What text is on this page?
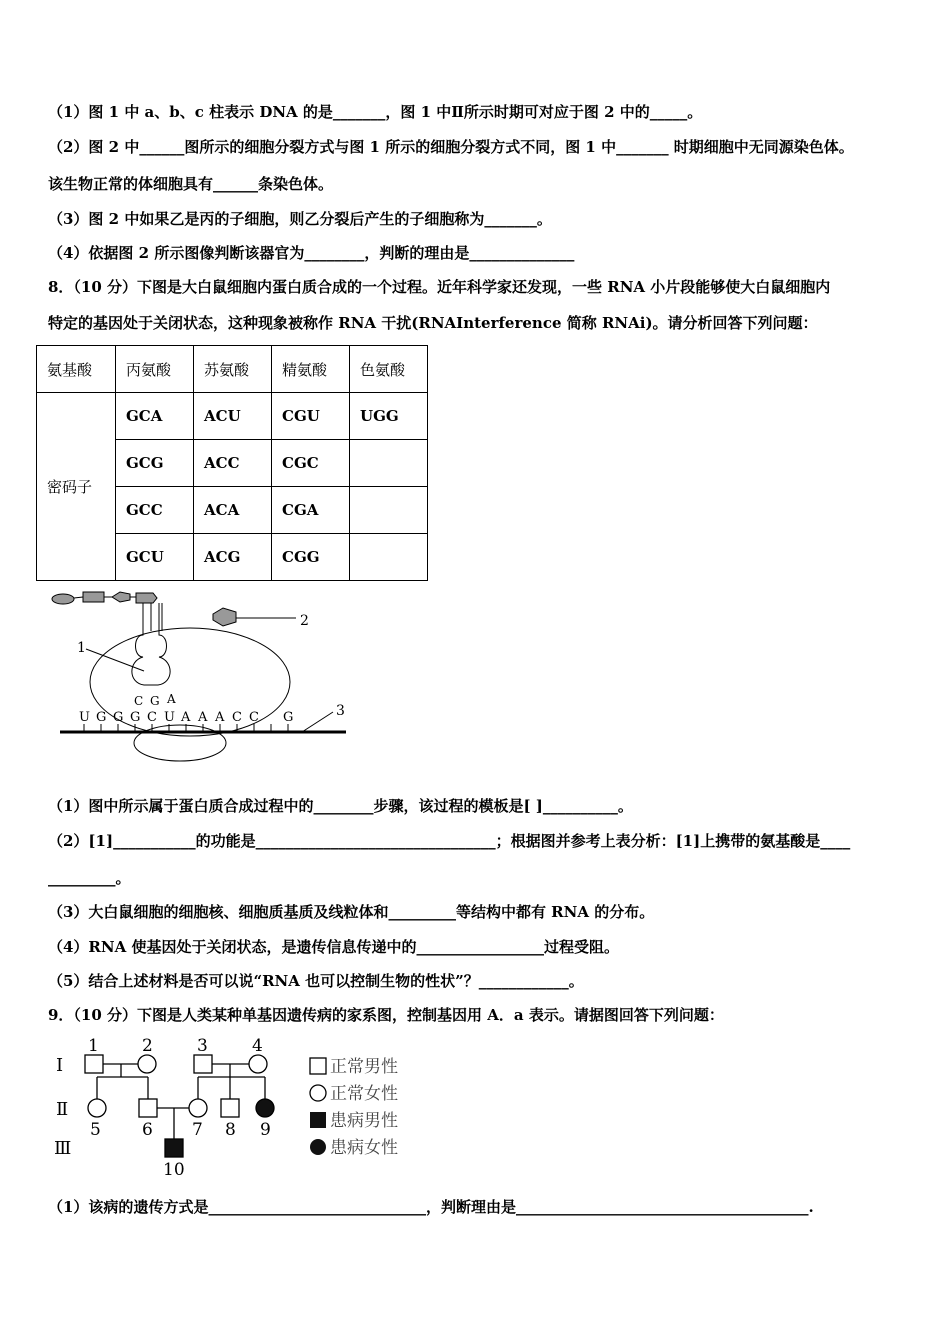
（1）图 1 中 a、b、c 柱表示 DNA 的是_______，图 1 中Ⅱ所示时期可对应于图 2 中的_____。
（2）图 2 中______图所示的细胞分裂方式与图 1 所示的细胞分裂方式不同，图 1 中_______ 时期细胞中无同源染色体。
该生物正常的体细胞具有______条染色体。
（3）图 2 中如果乙是丙的子细胞，则乙分裂后产生的子细胞称为_______。
（4）依据图 2 所示图像判断该器官为________，判断的理由是______________
8．（10 分）下图是大白鼠细胞内蛋白质合成的一个过程。近年科学家还发现，一些 RNA 小片段能够使大白鼠细胞内
特定的基因处于关闭状态，这种现象被称作 RNA 干扰(RNAInterference 简称 RNAi)。请分析回答下列问题：
氨基酸	丙氨酸	苏氨酸	精氨酸	色氨酸
密码子	GCA	ACU	CGU	UGG
	GCG	ACC	CGC	
	GCC	ACA	CGA	
	GCU	ACG	CGG	
2
1
C G A
U G G G C U A A A C C G	3
（1）图中所示属于蛋白质合成过程中的________步骤，该过程的模板是[ ]__________。
（2）[1]___________的功能是________________________________；根据图并参考上表分析：[1]上携带的氨基酸是____
_________。
（3）大白鼠细胞的细胞核、细胞质基质及线粒体和_________等结构中都有 RNA 的分布。
（4）RNA 使基因处于关闭状态，是遗传信息传递中的_________________过程受阻。
（5）结合上述材料是否可以说“RNA 也可以控制生物的性状”？____________。
9．（10 分）下图是人类某种单基因遗传病的家系图，控制基因用 A．a 表示。请据图回答下列问题：
Ⅰ
Ⅱ
Ⅲ
1	2	3	4
5 6 7 8 9
10
正常男性
正常女性
患病男性
患病女性
（1）该病的遗传方式是_____________________________，判断理由是_______________________________________.
